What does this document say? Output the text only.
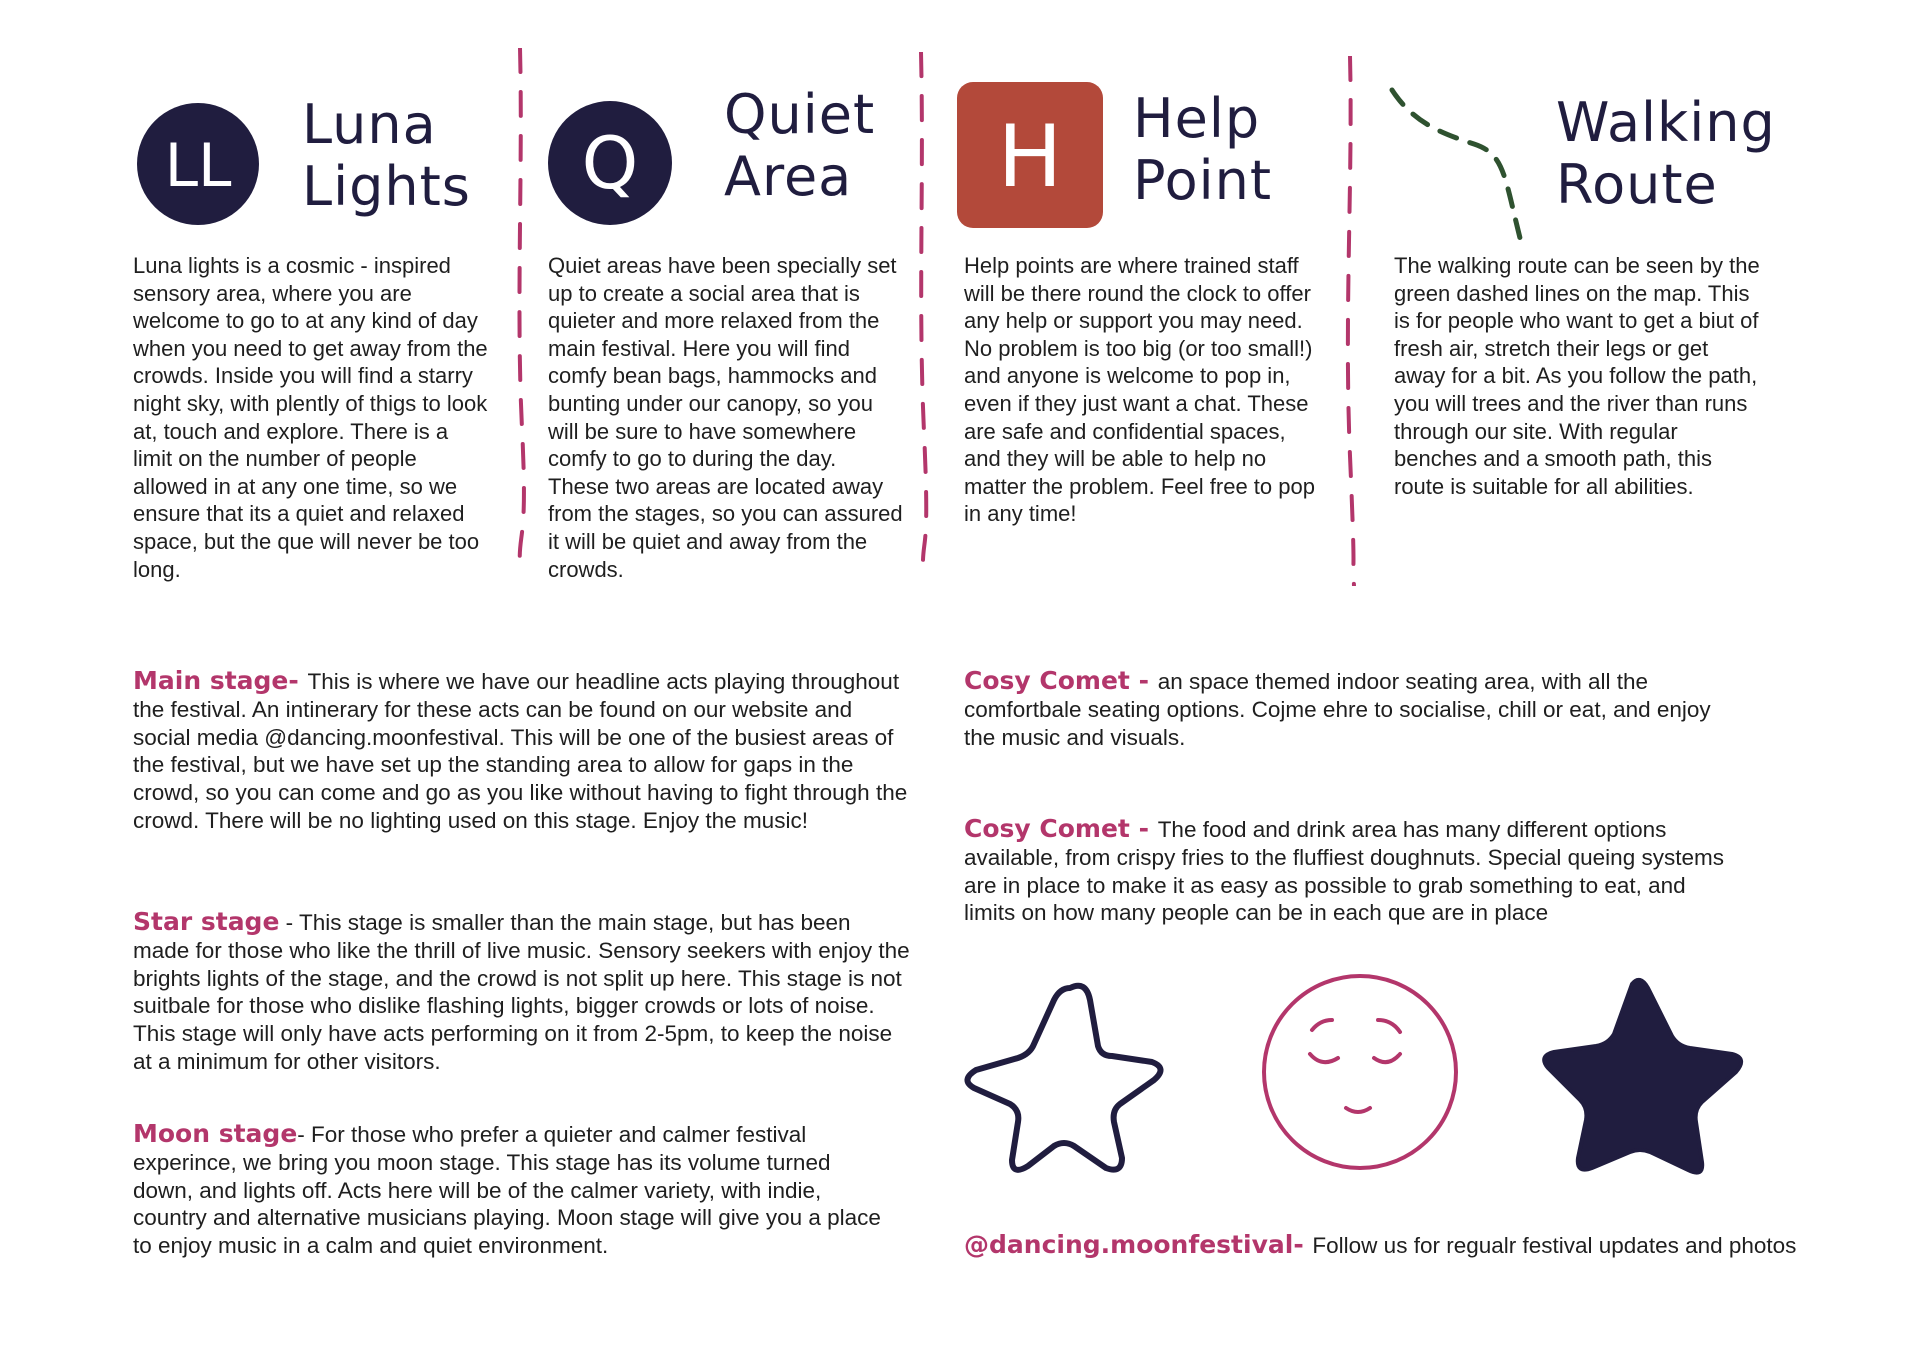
LL
Luna
Lights

Luna lights is a cosmic - inspired sensory area, where you are welcome to go to at any kind of day when you need to get away from the crowds. Inside you will find a starry night sky, with plently of thigs to look at, touch and explore. There is a limit on the number of people allowed in at any one time, so we ensure that its a quiet and relaxed space, but the que will never be too long.

Q
Quiet
Area

Quiet areas have been specially set up to create a social area that is quieter and more relaxed from the main festival. Here you will find comfy bean bags, hammocks and bunting under our canopy, so you will be sure to have somewhere comfy to go to during the day. These two areas are located away from the stages, so you can assured it will be quiet and away from the crowds.

H Help
Point

Help points are where trained staff will be there round the clock to offer any help or support you may need. No problem is too big (or too small!) and anyone is welcome to pop in, even if they just want a chat. These are safe and confidential spaces, and they will be able to help no matter the problem. Feel free to pop in any time!

Walking
Route

The walking route can be seen by the green dashed lines on the map. This is for people who want to get a biut of fresh air, stretch their legs or get away for a bit. As you follow the path, you will trees and the river than runs through our site. With regular benches and a smooth path, this route is suitable for all abilities.

Main stage- This is where we have our headline acts playing throughout the festival. An intinerary for these acts can be found on our website and social media @dancing.moonfestival. This will be one of the busiest areas of the festival, but we have set up the standing area to allow for gaps in the crowd, so you can come and go as you like without having to fight through the crowd. There will be no lighting used on this stage. Enjoy the music!

Star stage - This stage is smaller than the main stage, but has been made for those who like the thrill of live music. Sensory seekers with enjoy the brights lights of the stage, and the crowd is not split up here. This stage is not suitbale for those who dislike flashing lights, bigger crowds or lots of noise. This stage will only have acts performing on it from 2-5pm, to keep the noise at a minimum for other visitors.

Moon stage- For those who prefer a quieter and calmer festival experince, we bring you moon stage. This stage has its volume turned down, and lights off. Acts here will be of the calmer variety, with indie, country and alternative musicians playing. Moon stage will give you a place to enjoy music in a calm and quiet environment.

Cosy Comet - an space themed indoor seating area, with all the comfortbale seating options. Cojme ehre to socialise, chill or eat, and enjoy the music and visuals.

Cosy Comet - The food and drink area has many different options available, from crispy fries to the fluffiest doughnuts. Special queing systems are in place to make it as easy as possible to grab something to eat, and limits on how many people can be in each que are in place

@dancing.moonfestival- Follow us for regualr festival updates and photos
